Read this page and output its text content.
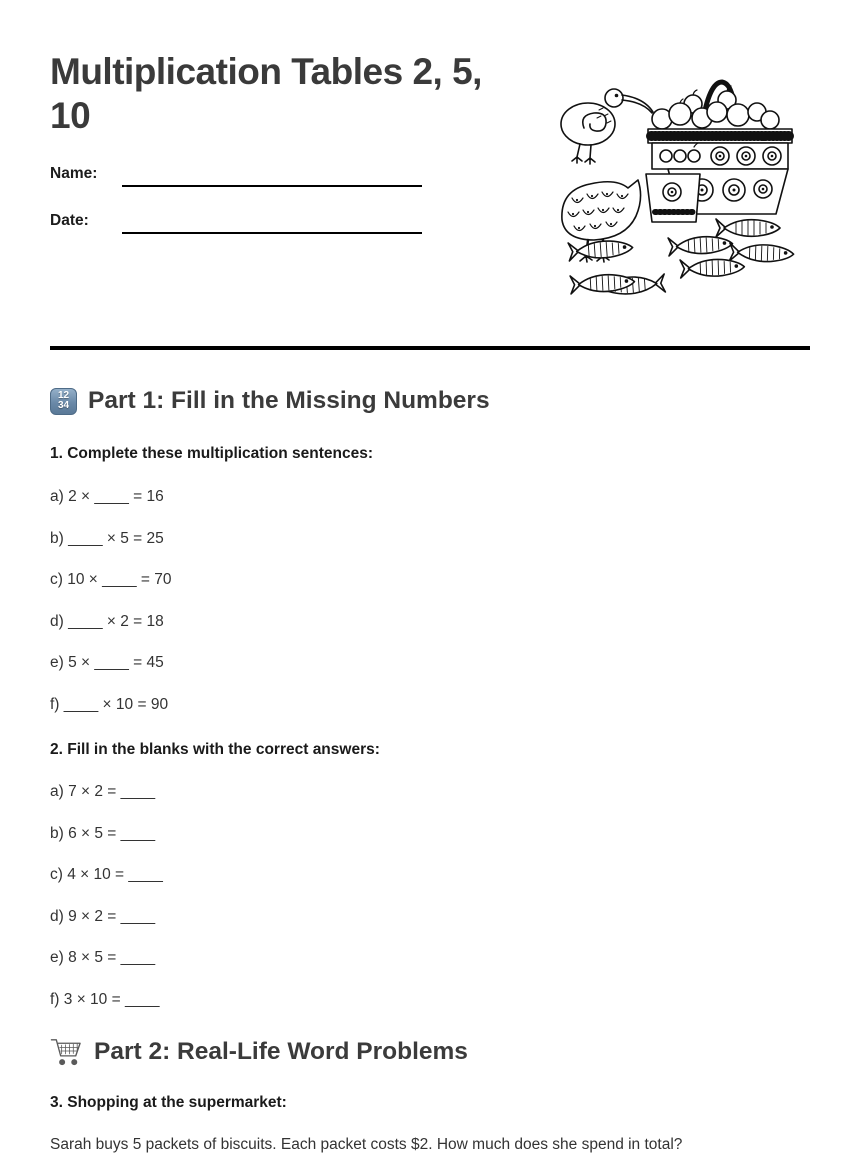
Multiplication Tables 2, 5, 10
Name:
Date:
12
34 Part 1: Fill in the Missing Numbers
1. Complete these multiplication sentences:
a) 2 × ____ = 16
b) ____ × 5 = 25
c) 10 × ____ = 70
d) ____ × 2 = 18
e) 5 × ____ = 45
f) ____ × 10 = 90
2. Fill in the blanks with the correct answers:
a) 7 × 2 = ____
b) 6 × 5 = ____
c) 4 × 10 = ____
d) 9 × 2 = ____
e) 8 × 5 = ____
f) 3 × 10 = ____
Part 2: Real-Life Word Problems
3. Shopping at the supermarket:
Sarah buys 5 packets of biscuits. Each packet costs $2. How much does she spend in total?
